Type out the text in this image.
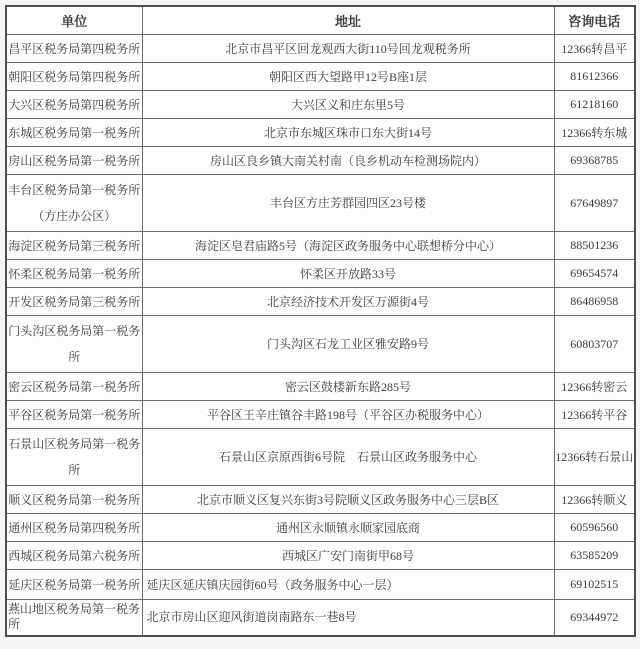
单位	地址	咨询电话
昌平区税务局第四税务所	北京市昌平区回龙观西大街110号回龙观税务所	12366转昌平
朝阳区税务局第四税务所	朝阳区西大望路甲12号B座1层	81612366
大兴区税务局第四税务所	大兴区义和庄东里5号	61218160
东城区税务局第一税务所	北京市东城区珠市口东大街14号	12366转东城
房山区税务局第一税务所	房山区良乡镇大南关村南（良乡机动车检测场院内）	69368785
丰台区税务局第一税务所（方庄办公区）	丰台区方庄芳群园四区23号楼	67649897
海淀区税务局第三税务所	海淀区皂君庙路5号（海淀区政务服务中心联想桥分中心）	88501236
怀柔区税务局第一税务所	怀柔区开放路33号	69654574
开发区税务局第三税务所	北京经济技术开发区万源街4号	86486958
门头沟区税务局第一税务所	门头沟区石龙工业区雅安路9号	60803707
密云区税务局第一税务所	密云区鼓楼新东路285号	12366转密云
平谷区税务局第一税务所	平谷区王辛庄镇谷丰路198号（平谷区办税服务中心）	12366转平谷
石景山区税务局第一税务所	石景山区京原西街6号院　石景山区政务服务中心	12366转石景山
顺义区税务局第一税务所	北京市顺义区复兴东街3号院顺义区政务服务中心三层B区	12366转顺义
通州区税务局第四税务所	通州区永顺镇永顺家园底商	60596560
西城区税务局第六税务所	西城区广安门南街甲68号	63585209
延庆区税务局第一税务所	延庆区延庆镇庆园街60号（政务服务中心一层）	69102515
燕山地区税务局第一税务所	北京市房山区迎风街道岗南路东一巷8号	69344972
